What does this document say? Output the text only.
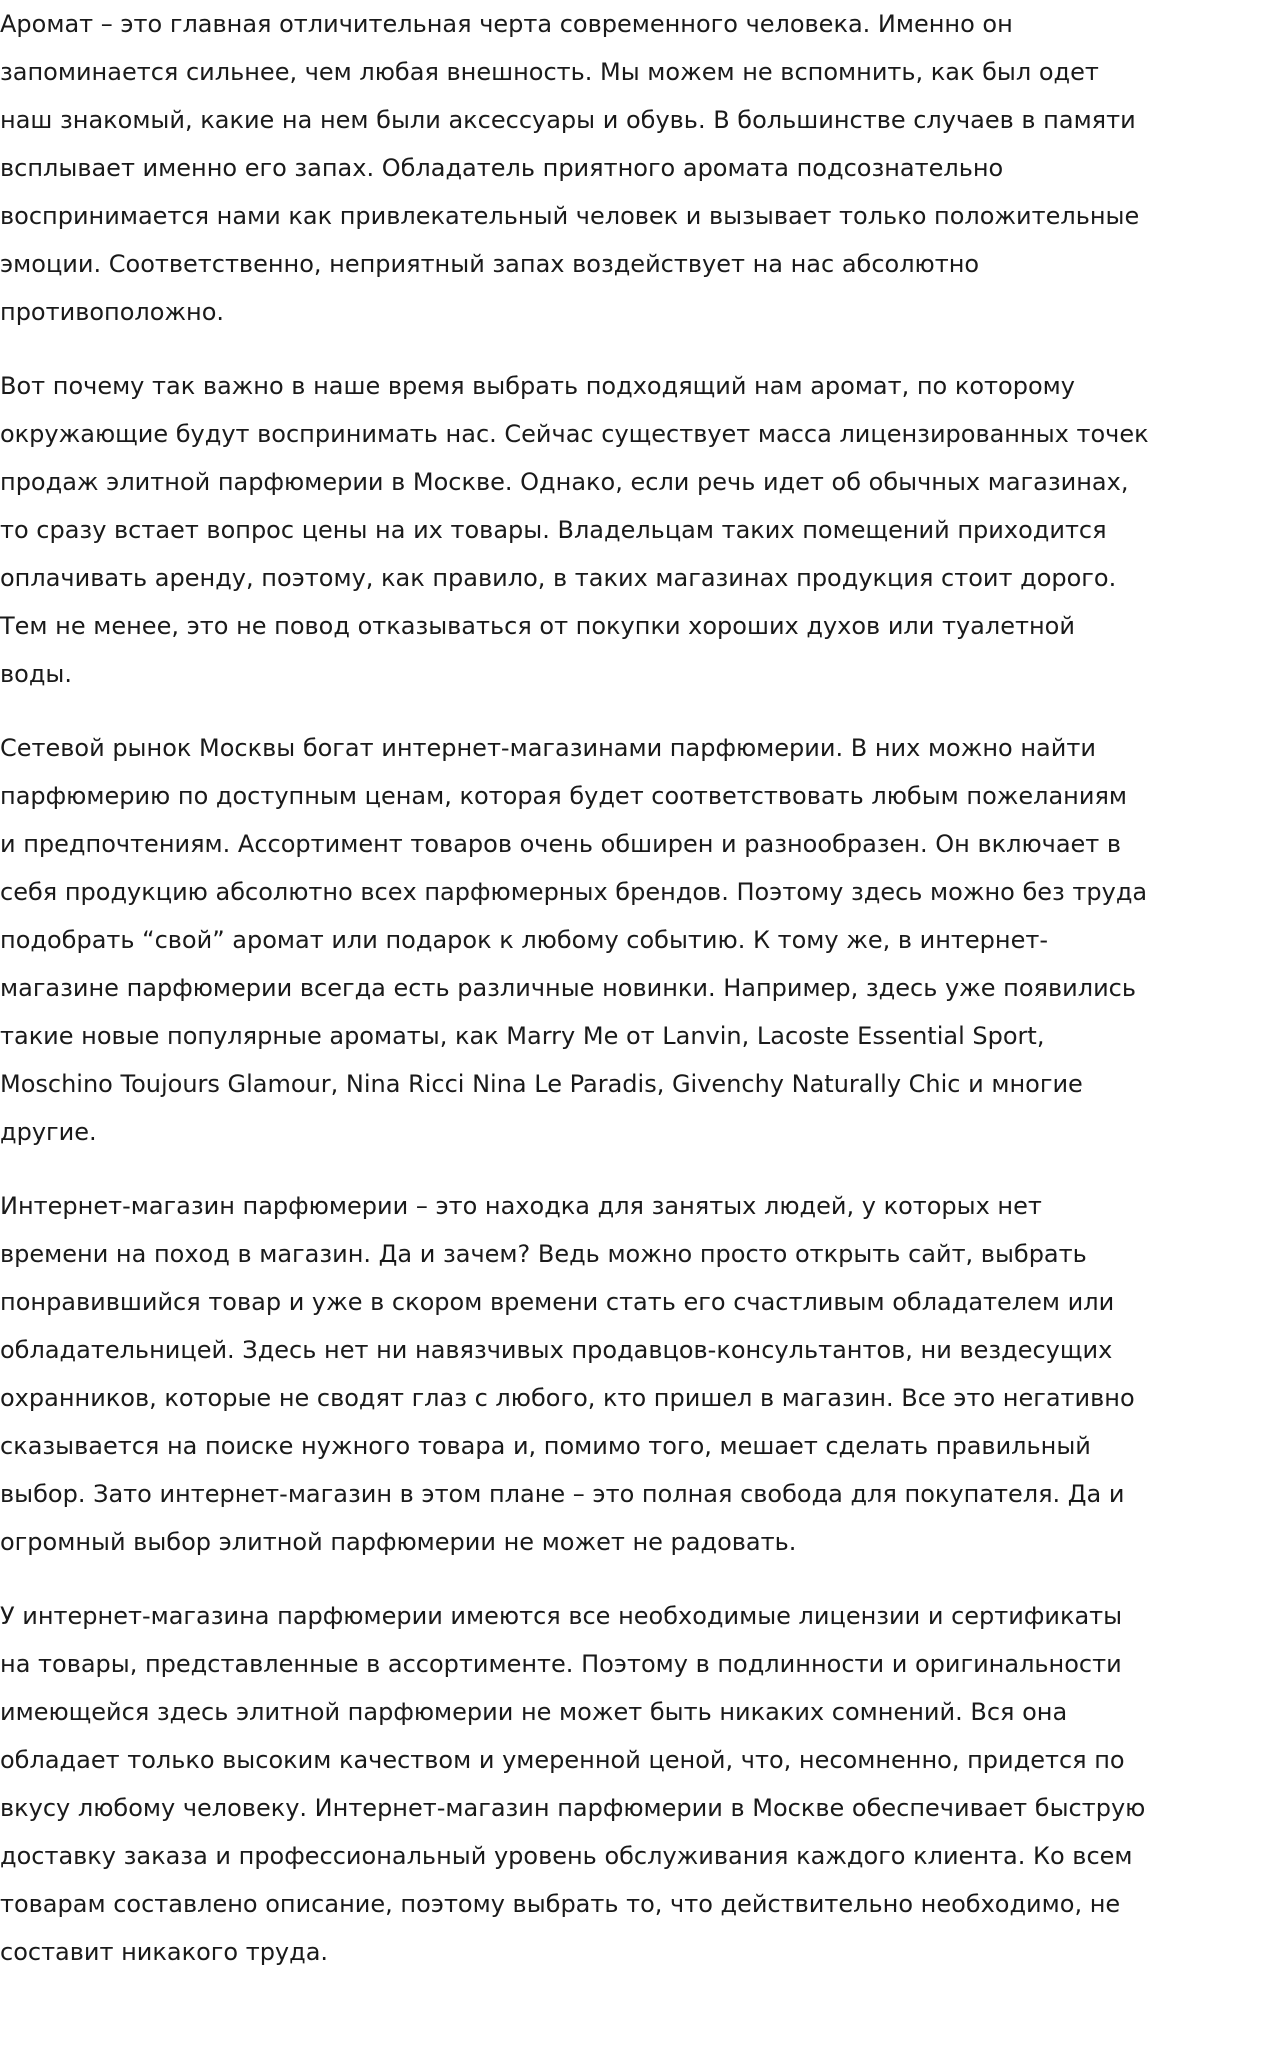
Аромат – это главная отличительная черта современного человека. Именно он запоминается сильнее, чем любая внешность. Мы можем не вспомнить, как был одет наш знакомый, какие на нем были аксессуары и обувь. В большинстве случаев в памяти всплывает именно его запах. Обладатель приятного аромата подсознательно воспринимается нами как привлекательный человек и вызывает только положительные эмоции. Соответственно, неприятный запах воздействует на нас абсолютно противоположно.

Вот почему так важно в наше время выбрать подходящий нам аромат, по которому окружающие будут воспринимать нас. Сейчас существует масса лицензированных точек продаж элитной парфюмерии в Москве. Однако, если речь идет об обычных магазинах, то сразу встает вопрос цены на их товары. Владельцам таких помещений приходится оплачивать аренду, поэтому, как правило, в таких магазинах продукция стоит дорого. Тем не менее, это не повод отказываться от покупки хороших духов или туалетной воды.

Сетевой рынок Москвы богат интернет-магазинами парфюмерии. В них можно найти парфюмерию по доступным ценам, которая будет соответствовать любым пожеланиям и предпочтениям. Ассортимент товаров очень обширен и разнообразен. Он включает в себя продукцию абсолютно всех парфюмерных брендов. Поэтому здесь можно без труда подобрать “свой” аромат или подарок к любому событию. К тому же, в интернет-магазине парфюмерии всегда есть различные новинки. Например, здесь уже появились такие новые популярные ароматы, как Marry Me от Lanvin, Lacoste Essential Sport, Moschino Toujours Glamour, Nina Ricci Nina Le Paradis, Givenchy Naturally Chic и многие другие.

Интернет-магазин парфюмерии – это находка для занятых людей, у которых нет времени на поход в магазин. Да и зачем? Ведь можно просто открыть сайт, выбрать понравившийся товар и уже в скором времени стать его счастливым обладателем или обладательницей. Здесь нет ни навязчивых продавцов-консультантов, ни вездесущих охранников, которые не сводят глаз с любого, кто пришел в магазин. Все это негативно сказывается на поиске нужного товара и, помимо того, мешает сделать правильный выбор. Зато интернет-магазин в этом плане – это полная свобода для покупателя. Да и огромный выбор элитной парфюмерии не может не радовать.

У интернет-магазина парфюмерии имеются все необходимые лицензии и сертификаты на товары, представленные в ассортименте. Поэтому в подлинности и оригинальности имеющейся здесь элитной парфюмерии не может быть никаких сомнений. Вся она обладает только высоким качеством и умеренной ценой, что, несомненно, придется по вкусу любому человеку. Интернет-магазин парфюмерии в Москве обеспечивает быструю доставку заказа и профессиональный уровень обслуживания каждого клиента. Ко всем товарам составлено описание, поэтому выбрать то, что действительно необходимо, не составит никакого труда.
